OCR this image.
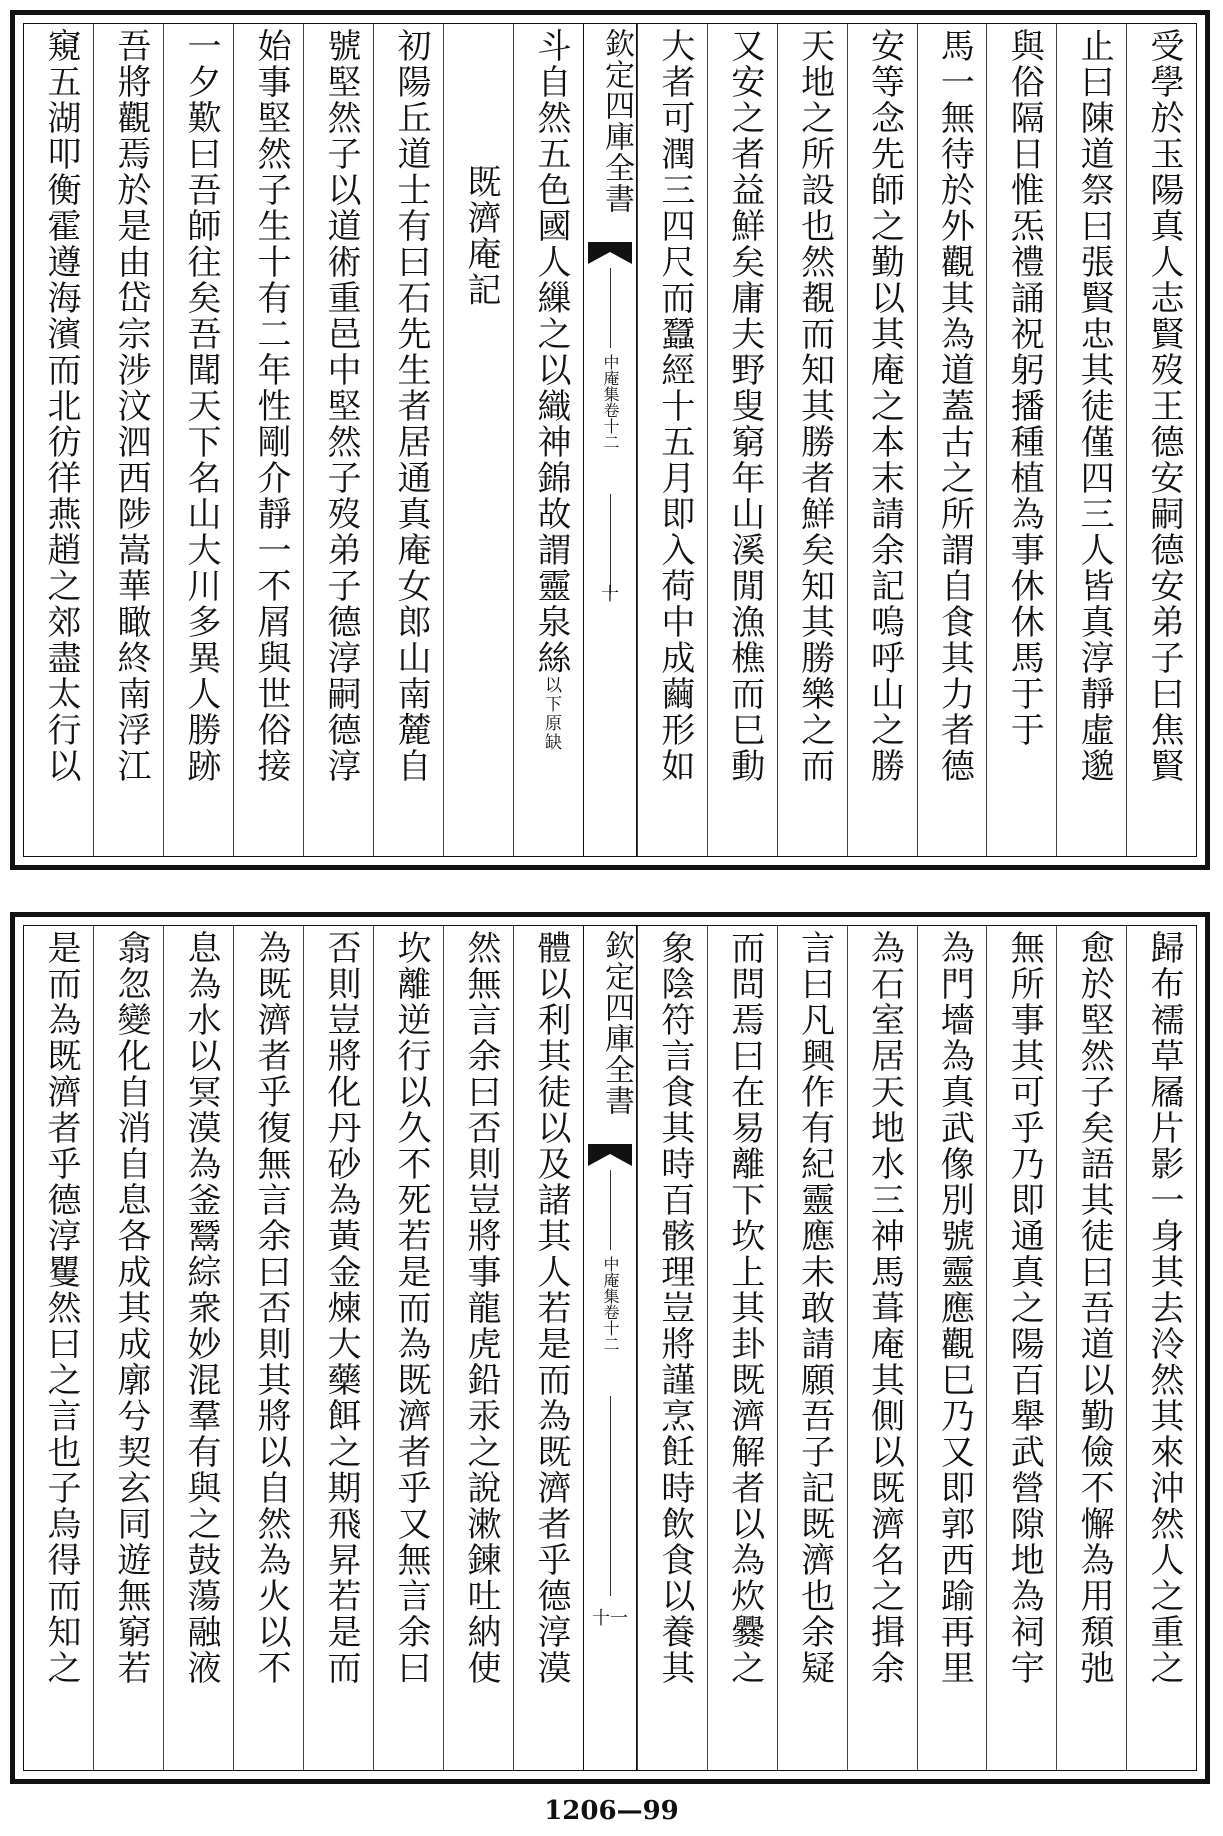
受學於玉陽真人志賢歿王德安嗣德安弟子曰焦賢
止曰陳道祭曰張賢忠其徒僅四三人皆真淳靜虛邈
與俗隔日惟炁禮誦祝躬播種植為事休休馬于于
馬一無待於外觀其為道蓋古之所謂自食其力者德
安等念先師之勤以其庵之本末請余記嗚呼山之勝
天地之所設也然覩而知其勝者鮮矣知其勝樂之而
又安之者益鮮矣庸夫野叟窮年山溪閒漁樵而巳動
大者可潤三四尺而蠶經十五月即入荷中成繭形如
欽定四庫全書
中庵集卷十二
十
斗自然五色國人繅之以織神錦故謂靈泉絲以下原缺
既濟庵記
初陽丘道士有曰石先生者居通真庵女郎山南麓自
號堅然子以道術重邑中堅然子歿弟子德淳嗣德淳
始事堅然子生十有二年性剛介靜一不屑與世俗接
一夕歎曰吾師往矣吾聞天下名山大川多異人勝跡
吾將觀焉於是由岱宗涉汶泗西陟嵩華瞰終南浮江
窺五湖叩衡霍遵海濱而北彷徉燕趙之郊盡太行以
歸布襦草屩片影一身其去泠然其來沖然人之重之
愈於堅然子矣語其徒曰吾道以勤儉不懈為用頹弛
無所事其可乎乃即通真之陽百舉武營隙地為祠宇
為門墻為真武像別號靈應觀巳乃又即郭西踰再里
為石室居天地水三神馬葺庵其側以既濟名之揖余
言曰凡興作有紀靈應未敢請願吾子記既濟也余疑
而問焉曰在易離下坎上其卦既濟解者以為炊爨之
象陰符言食其時百骸理豈將謹烹飪時飲食以養其
欽定四庫全書
中庵集卷十二
十一
體以利其徒以及諸其人若是而為既濟者乎德淳漠
然無言余曰否則豈將事龍虎鉛汞之說漱鍊吐納使
坎離逆行以久不死若是而為既濟者乎又無言余曰
否則豈將化丹砂為黃金煉大藥餌之期飛昇若是而
為既濟者乎復無言余曰否則其將以自然為火以不
息為水以冥漠為釜鬵綜衆妙混羣有與之鼓蕩融液
翕忽變化自消自息各成其成廓兮契玄同遊無窮若
是而為既濟者乎德淳矍然曰之言也子烏得而知之
1206—99
